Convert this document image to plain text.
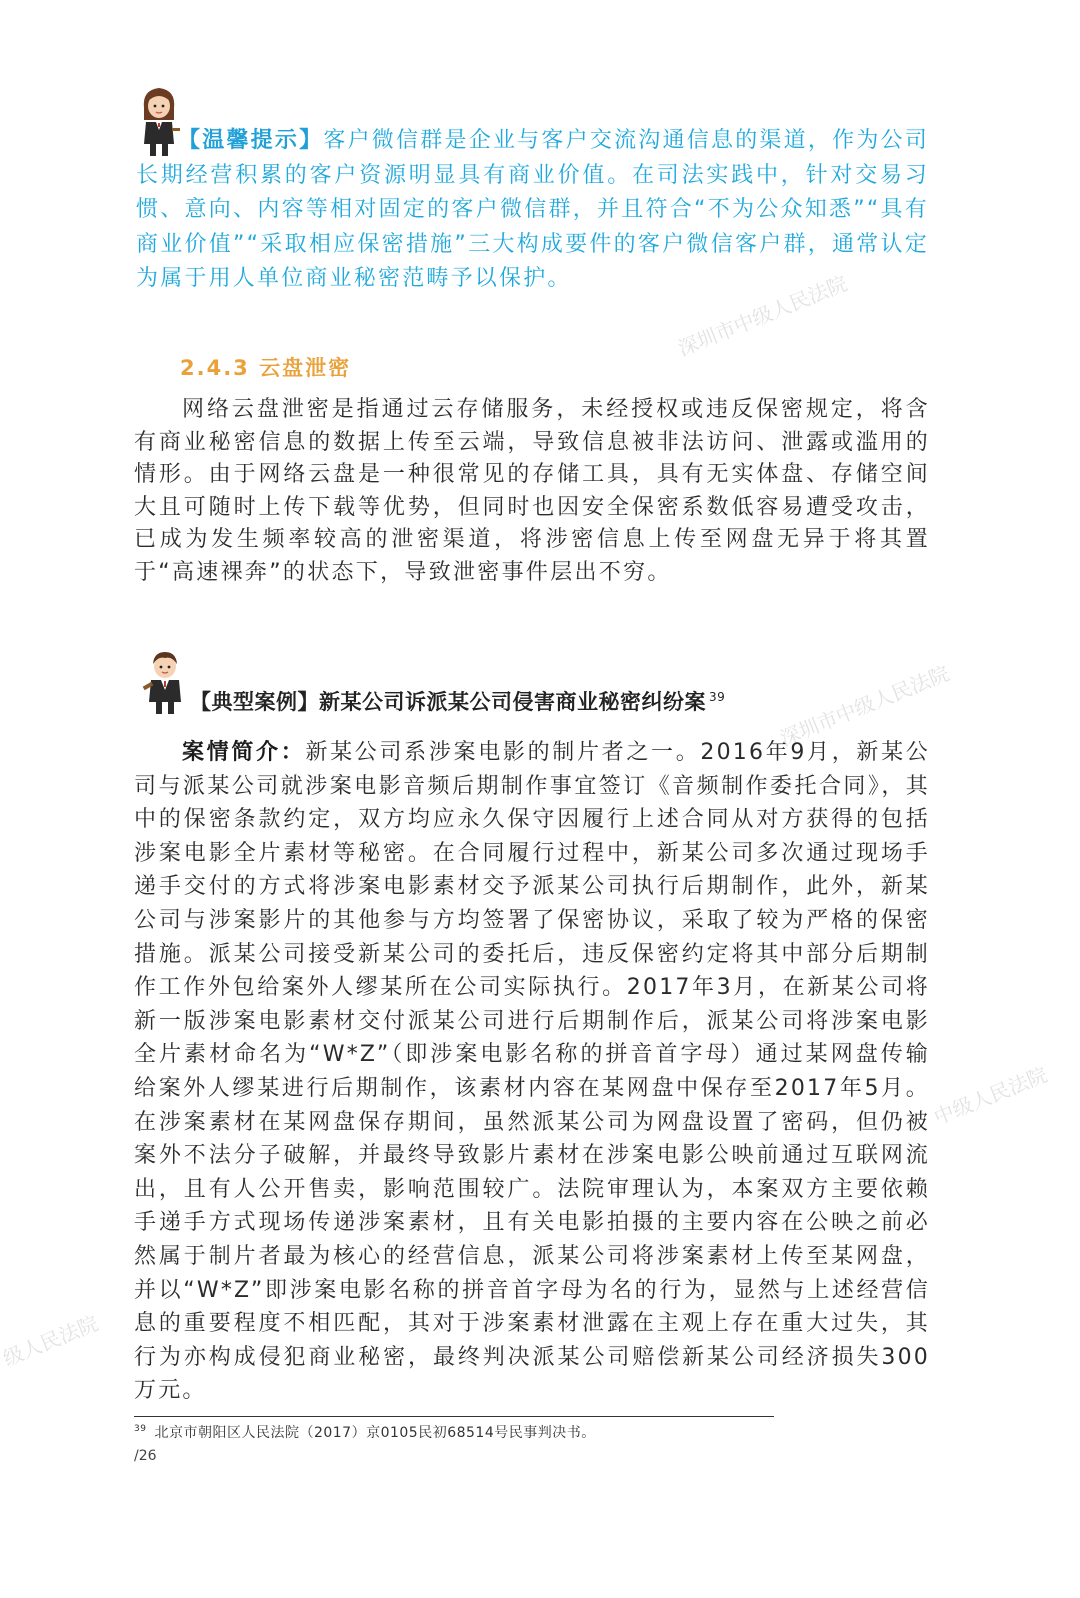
深圳市中级人民法院
深圳市中级人民法院
中级人民法院
级人民法院
【温馨提示】客户微信群是企业与客户交流沟通信息的渠道，作为公司长期经营积累的客户资源明显具有商业价值。在司法实践中，针对交易习惯、意向、内容等相对固定的客户微信群，并且符合“不为公众知悉”“具有商业价值”“采取相应保密措施”三大构成要件的客户微信客户群，通常认定为属于用人单位商业秘密范畴予以保护。
2.4.3 云盘泄密
网络云盘泄密是指通过云存储服务，未经授权或违反保密规定，将含有商业秘密信息的数据上传至云端，导致信息被非法访问、泄露或滥用的情形。由于网络云盘是一种很常见的存储工具，具有无实体盘、存储空间大且可随时上传下载等优势，但同时也因安全保密系数低容易遭受攻击，已成为发生频率较高的泄密渠道，将涉密信息上传至网盘无异于将其置于“高速裸奔”的状态下，导致泄密事件层出不穷。
【典型案例】新某公司诉派某公司侵害商业秘密纠纷案 $^{39}$
案情简介：新某公司系涉案电影的制片者之一。2016年9月，新某公司与派某公司就涉案电影音频后期制作事宜签订《音频制作委托合同》，其中的保密条款约定，双方均应永久保守因履行上述合同从对方获得的包括涉案电影全片素材等秘密。在合同履行过程中，新某公司多次通过现场手递手交付的方式将涉案电影素材交予派某公司执行后期制作，此外，新某公司与涉案影片的其他参与方均签署了保密协议，采取了较为严格的保密措施。派某公司接受新某公司的委托后，违反保密约定将其中部分后期制作工作外包给案外人缪某所在公司实际执行。2017年3月，在新某公司将新一版涉案电影素材交付派某公司进行后期制作后，派某公司将涉案电影全片素材命名为“W*Z”（即涉案电影名称的拼音首字母）通过某网盘传输给案外人缪某进行后期制作，该素材内容在某网盘中保存至2017年5月。在涉案素材在某网盘保存期间，虽然派某公司为网盘设置了密码，但仍被案外不法分子破解，并最终导致影片素材在涉案电影公映前通过互联网流出，且有人公开售卖，影响范围较广。法院审理认为，本案双方主要依赖手递手方式现场传递涉案素材，且有关电影拍摄的主要内容在公映之前必然属于制片者最为核心的经营信息，派某公司将涉案素材上传至某网盘，并以“W*Z”即涉案电影名称的拼音首字母为名的行为，显然与上述经营信息的重要程度不相匹配，其对于涉案素材泄露在主观上存在重大过失，其行为亦构成侵犯商业秘密，最终判决派某公司赔偿新某公司经济损失300万元。
$^{39}$ 北京市朝阳区人民法院（2017）京0105民初68514号民事判决书。
/26
